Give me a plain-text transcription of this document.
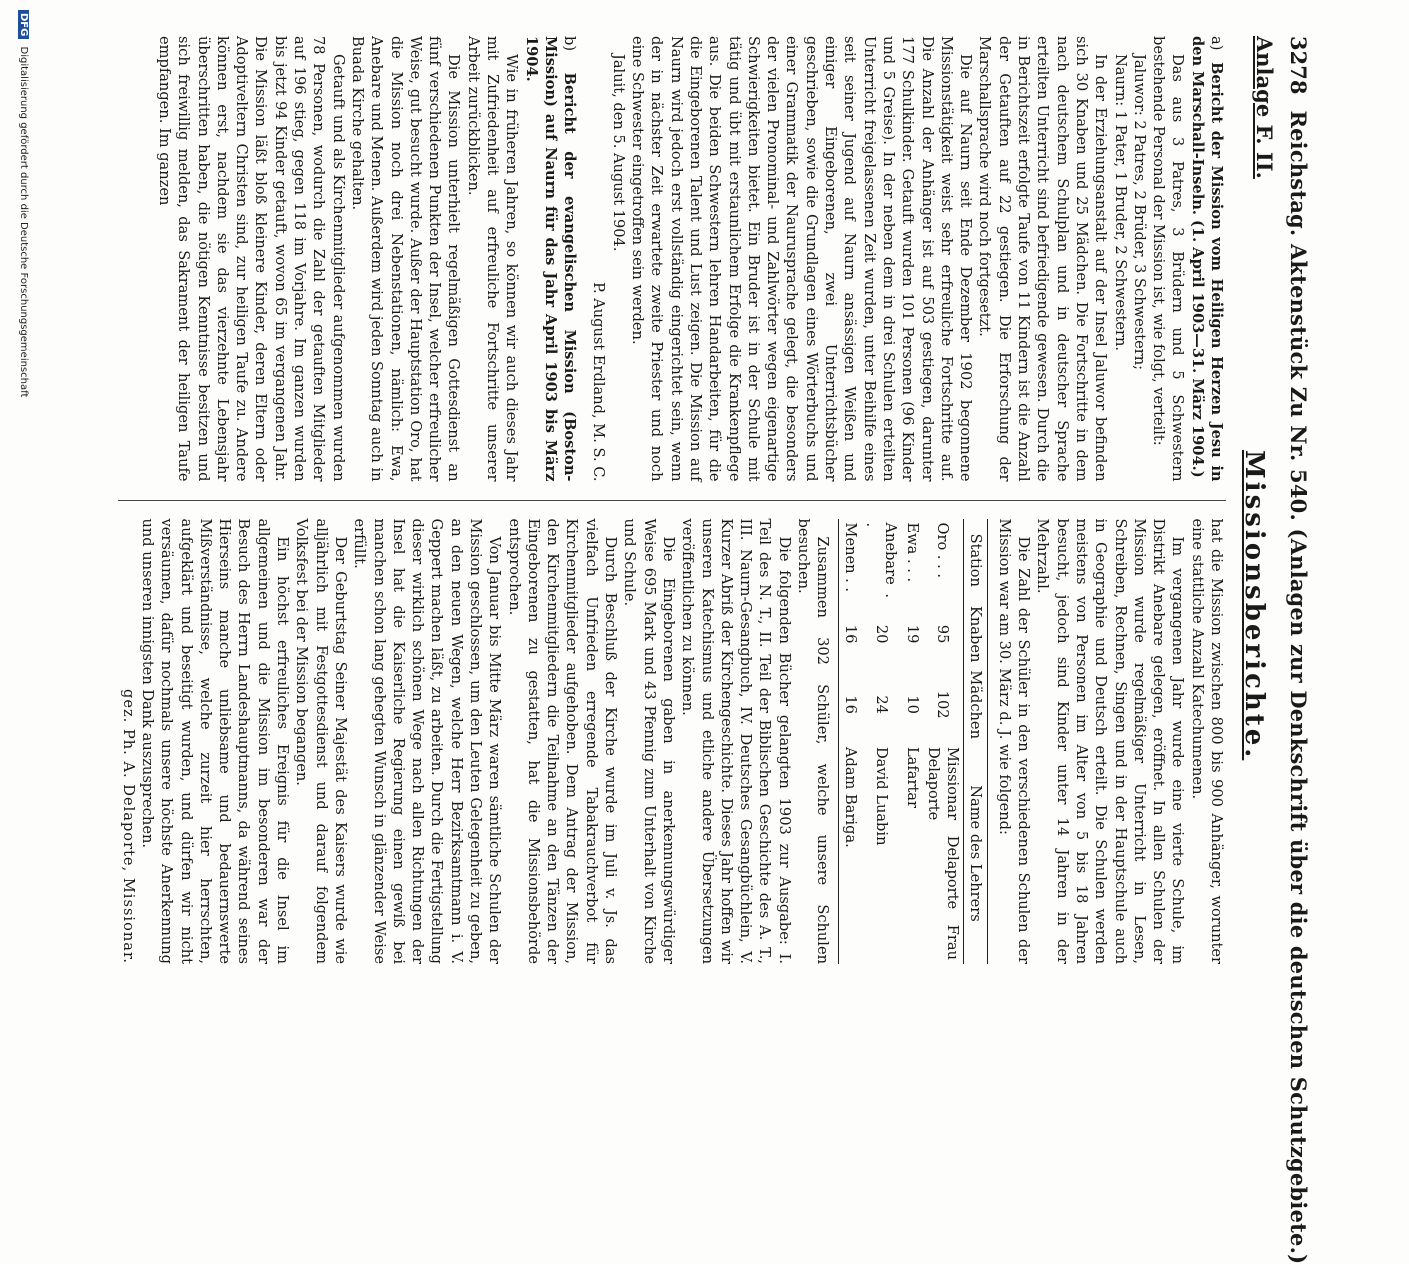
3278
Reichstag. Aktenstück Zu Nr. 540. (Anlagen zur Denkschrift über die deutschen Schutzgebiete.)
Anlage F. II.
Missionsberichte.

a) Bericht der Mission vom Heiligen Herzen Jesu in den Marschall-Inseln. (1. April 1903—31. März 1904.)

Das aus 3 Patres, 3 Brüdern und 5 Schwestern bestehende Personal der Mission ist, wie folgt, verteilt:

Jaluwor: 2 Patres, 2 Brüder, 3 Schwestern;

Naurn: 1 Pater, 1 Bruder, 2 Schwestern.

In der Erziehungsanstalt auf der Insel Jaluwor befinden sich 30 Knaben und 25 Mädchen. Die Fortschritte in dem nach deutschem Schulplan und in deutscher Sprache erteilten Unterricht sind befriedigende gewesen. Durch die in Berichtszeit erfolgte Taufe von 11 Kindern ist die Anzahl der Getauften auf 22 gestiegen. Die Erforschung der Marschallsprache wird noch fortgesetzt.

Die auf Naurn seit Ende Dezember 1902 begonnene Missionstätigkeit weist sehr erfreuliche Fortschritte auf. Die Anzahl der Anhänger ist auf 503 gestiegen, darunter 177 Schulkinder. Getauft wurden 101 Personen (96 Kinder und 5 Greise). In der neben dem in drei Schulen erteilten Unterricht freigelassenen Zeit wurden, unter Beihilfe eines seit seiner Jugend auf Naurn ansässigen Weißen und einiger Eingeborenen, zwei Unterrichtsbücher geschrieben, sowie die Grundlagen eines Wörterbuchs und einer Grammatik der Naurusprache gelegt, die besonders der vielen Pronominal- und Zahlwörter wegen eigenartige Schwierigkeiten bietet. Ein Bruder ist in der Schule mit tätig und übt mit erstaunlichem Erfolge die Krankenpflege aus. Die beiden Schwestern lehren Handarbeiten, für die die Eingeborenen Talent und Lust zeigen. Die Mission auf Naurn wird jedoch erst vollständig eingerichtet sein, wenn der in nächster Zeit erwartete zweite Priester und noch eine Schwester eingetroffen sein werden.

Jaluit, den 5. August 1904.

P. August Erdland, M. S. C.

b) Bericht der evangelischen Mission (Boston-Mission) auf Naurn für das Jahr April 1903 bis März 1904.

Wie in früheren Jahren, so können wir auch dieses Jahr mit Zufriedenheit auf erfreuliche Fortschritte unserer Arbeit zurückblicken.

Die Mission unterhielt regelmäßigen Gottesdienst an fünf verschiedenen Punkten der Insel, welcher erfreulicher Weise, gut besucht wurde. Außer der Hauptstation Oro, hat die Mission noch drei Nebenstationen, nämlich: Ewa, Anebare und Menen. Außerdem wird jeden Sonntag auch in Buada Kirche gehalten.

Getauft und als Kirchenmitglieder aufgenommen wurden 78 Personen, wodurch die Zahl der getauften Mitglieder auf 196 stieg, gegen 118 im Vorjahre. Im ganzen wurden bis jetzt 94 Kinder getauft, wovon 65 im vergangenen Jahr. Die Mission läßt bloß kleinere Kinder, deren Eltern oder Adoptiveltern Christen sind, zur heiligen Taufe zu. Andere können erst, nachdem sie das vierzehnte Lebensjahr überschritten haben, die nötigen Kenntnisse besitzen und sich freiwillig melden, das Sakrament der heiligen Taufe empfangen. Im ganzen

hat die Mission zwischen 800 bis 900 Anhänger, worunter eine stattliche Anzahl Katechumenen.

Im vergangenen Jahr wurde eine vierte Schule, im Distrikt Anebare gelegen, eröffnet. In allen Schulen der Mission wurde regelmäßiger Unterricht in Lesen, Schreiben, Rechnen, Singen und in der Hauptschule auch in Geographie und Deutsch erteilt. Die Schulen werden meistens von Personen im Alter von 5 bis 18 Jahren besucht, jedoch sind Kinder unter 14 Jahren in der Mehrzahl.

Die Zahl der Schüler in den verschiedenen Schulen der Mission war am 30. März d. J. wie folgend:

Station	Knaben	Mädchen	Name des Lehrers
Oro . . .	95	102	Missionar Delaporte Frau Delaporte
Ewa . . .	19	10	Lafartar
Anebare . .	20	24	David Luabin
Menen . .	16	16	Adam Bariga.

Zusammen 302 Schüler, welche unsere Schulen besuchen.

Die folgenden Bücher gelangten 1903 zur Ausgabe: I. Teil des N. T., II. Teil der Biblischen Geschichte des A. T., III. Naurn-Gesangbuch, IV. Deutsches Gesangbüchlein, V. Kurzer Abriß der Kirchengeschichte. Dieses Jahr hoffen wir unseren Katechismus und etliche andere Übersetzungen veröffentlichen zu können.

Die Eingeborenen gaben in anerkennungswürdiger Weise 695 Mark und 43 Pfennig zum Unterhalt von Kirche und Schule.

Durch Beschluß der Kirche wurde im Juli v. Js. das vielfach Unfrieden erregende Tabakrauchverbot für Kirchenmitglieder aufgehoben. Dem Antrag der Mission, den Kirchenmitgliedern die Teilnahme an den Tänzen der Eingeborenen zu gestatten, hat die Missionsbehörde entsprochen.

Von Januar bis Mitte März waren sämtliche Schulen der Mission geschlossen, um den Leuten Gelegenheit zu geben, an den neuen Wegen, welche Herr Bezirksamtmann i. V. Geppert machen läßt, zu arbeiten. Durch die Fertigstellung dieser wirklich schönen Wege nach allen Richtungen der Insel hat die Kaiserliche Regierung einen gewiß bei manchen schon lang gehegten Wunsch in glänzender Weise erfüllt.

Der Geburtstag Seiner Majestät des Kaisers wurde wie alljährlich mit Festgottesdienst und darauf folgendem Volksfest bei der Mission begangen.

Ein höchst erfreuliches Ereignis für die Insel im allgemeinen und die Mission im besonderen war der Besuch des Herrn Landeshauptmanns, da während seines Hierseins manche unliebsame und bedauernswerte Mißverständnisse, welche zurzeit hier herrschten, aufgeklärt und beseitigt wurden, und dürfen wir nicht versäumen, dafür nochmals unsere höchste Anerkennung und unseren innigsten Dank auszusprechen.

gez. Ph. A. Delaporte, Missionar.

DFG Digitalisierung gefördert durch die Deutsche Forschungsgemeinschaft
